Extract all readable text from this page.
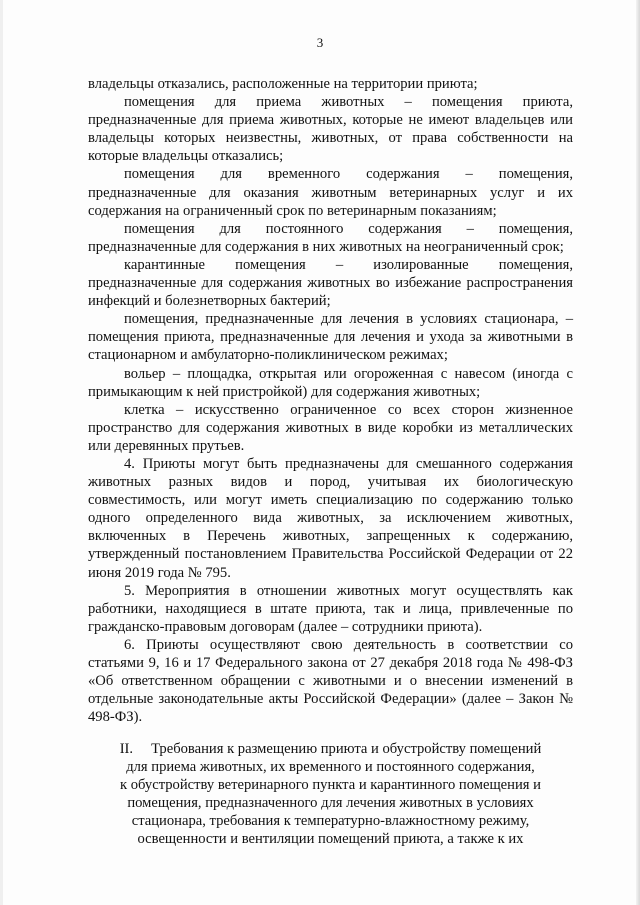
3

владельцы отказались, расположенные на территории приюта;

помещения для приема животных – помещения приюта, предназначенные для приема животных, которые не имеют владельцев или владельцы которых неизвестны, животных, от права собственности на которые владельцы отказались;

помещения для временного содержания – помещения, предназначенные для оказания животным ветеринарных услуг и их содержания на ограниченный срок по ветеринарным показаниям;

помещения для постоянного содержания – помещения, предназначенные для содержания в них животных на неограниченный срок;

карантинные помещения – изолированные помещения, предназначенные для содержания животных во избежание распространения инфекций и болезнетворных бактерий;

помещения, предназначенные для лечения в условиях стационара, – помещения приюта, предназначенные для лечения и ухода за животными в стационарном и амбулаторно-поликлиническом режимах;

вольер – площадка, открытая или огороженная с навесом (иногда с примыкающим к ней пристройкой) для содержания животных;

клетка – искусственно ограниченное со всех сторон жизненное пространство для содержания животных в виде коробки из металлических или деревянных прутьев.

4. Приюты могут быть предназначены для смешанного содержания животных разных видов и пород, учитывая их биологическую совместимость, или могут иметь специализацию по содержанию только одного определенного вида животных, за исключением животных, включенных в Перечень животных, запрещенных к содержанию, утвержденный постановлением Правительства Российской Федерации от 22 июня 2019 года № 795.

5. Мероприятия в отношении животных могут осуществлять как работники, находящиеся в штате приюта, так и лица, привлеченные по гражданско-правовым договорам (далее – сотрудники приюта).

6. Приюты осуществляют свою деятельность в соответствии со статьями 9, 16 и 17 Федерального закона от 27 декабря 2018 года № 498-ФЗ «Об ответственном обращении с животными и о внесении изменений в отдельные законодательные акты Российской Федерации» (далее – Закон № 498-ФЗ).

II. Требования к размещению приюта и обустройству помещений
для приема животных, их временного и постоянного содержания,
к обустройству ветеринарного пункта и карантинного помещения и
помещения, предназначенного для лечения животных в условиях
стационара, требования к температурно-влажностному режиму,
освещенности и вентиляции помещений приюта, а также к их
